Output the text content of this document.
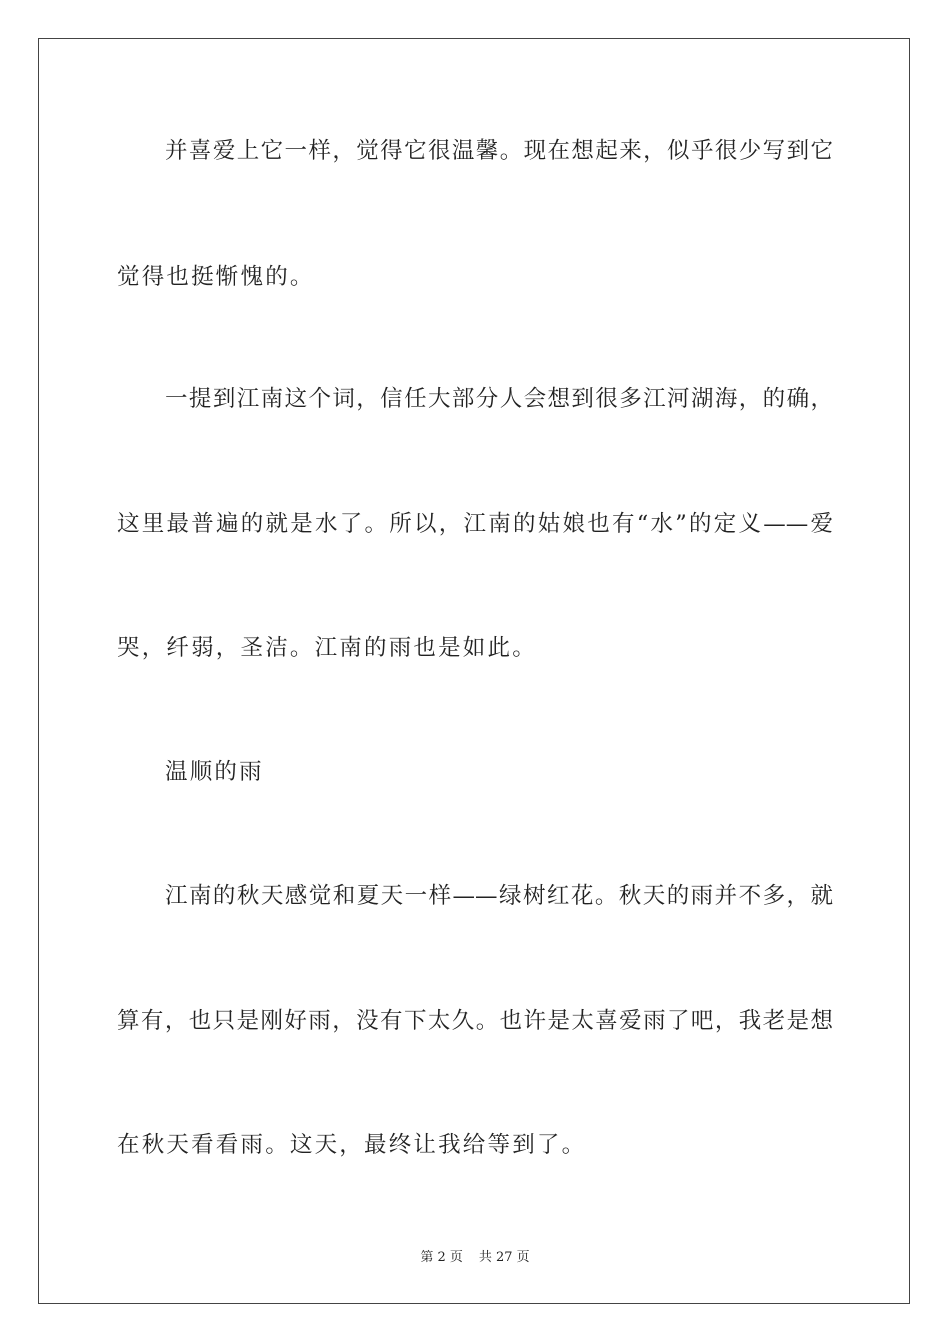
并喜爱上它一样，觉得它很温馨。现在想起来，似乎很少写到它
觉得也挺惭愧的。
一提到江南这个词，信任大部分人会想到很多江河湖海，的确，
这里最普遍的就是水了。所以，江南的姑娘也有“水”的定义——爱
哭，纤弱，圣洁。江南的雨也是如此。
温顺的雨
江南的秋天感觉和夏天一样——绿树红花。秋天的雨并不多，就
算有，也只是刚好雨，没有下太久。也许是太喜爱雨了吧，我老是想
在秋天看看雨。这天，最终让我给等到了。
第 2 页 共 27 页
